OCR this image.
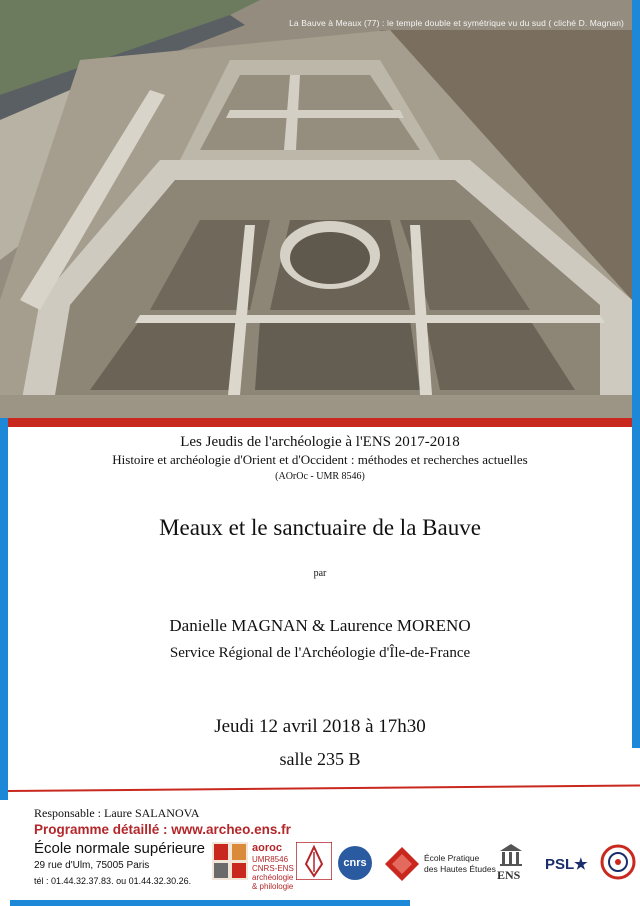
La Bauve à Meaux (77) : le temple double et symétrique vu du sud ( cliché D. Magnan)
Les Jeudis de l'archéologie à l'ENS 2017-2018
Histoire et archéologie d'Orient et d'Occident : méthodes et recherches actuelles
(AOrOc - UMR 8546)
Meaux et le sanctuaire de la Bauve
par
Danielle MAGNAN & Laurence MORENO
Service Régional de l'Archéologie d'Île-de-France
Jeudi 12 avril 2018 à 17h30
salle 235 B
Responsable : Laure SALANOVA
Programme détaillé : www.archeo.ens.fr
École normale supérieure
29 rue d'Ulm, 75005 Paris
tél : 01.44.32.37.83. ou 01.44.32.30.26.
aoroc
UMR8546
CNRS-ENS
archéologie
& philologie
cnrs	École Pratique
des Hautes Études ENS
PSL★
